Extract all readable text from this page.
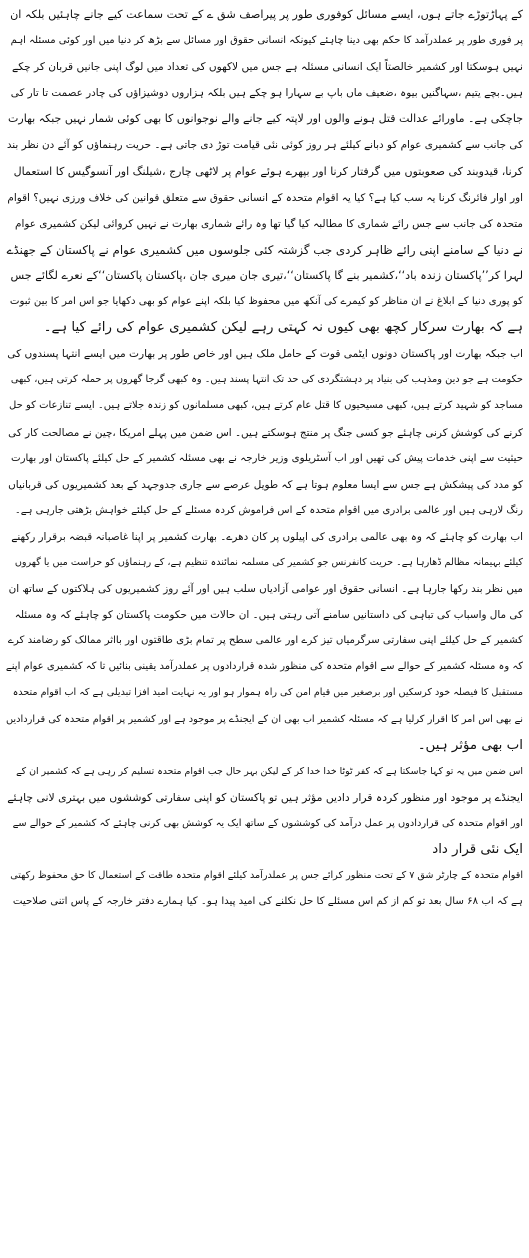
کے پہاڑتوڑے جاتے ہوں، ایسے مسائل کوفوری طور پر پیراصف شق ے کے تحت سماعت کیے جانے چاہئیں بلکہ ان
پر فوری طور پر عملدرآمد کا حکم بھی دینا چاہئے کیونکہ انسانی حقوق اور مسائل سے بڑھ کر دنیا میں اور کوئی مسئلہ اہم
نہیں ہوسکتا اور کشمیر خالصتاً ایک انسانی مسئلہ ہے جس میں لاکھوں کی تعداد میں لوگ اپنی جانیں قربان کر چکے
ہیں۔بچے یتیم ،سہاگنیں بیوہ ،ضعیف ماں باپ بے سہارا ہو چکے ہیں بلکہ ہزاروں دوشیزاؤں کی چادر عصمت تا تار کی
جاچکی ہے۔ ماورائے عدالت قتل ہونے والوں اور لاپتہ کیے جانے والے نوجوانوں کا بھی کوئی شمار نہیں جبکہ بھارت
کی جانب سے کشمیری عوام کو دبانے کیلئے ہر روز کوئی نئی قیامت توڑ دی جاتی ہے۔ حریت رہنماؤں کو آئے دن نظر بند
کرنا، قیدوبند کی صعوبتوں میں گرفتار کرنا اور بپھرے ہوئے عوام پر لاٹھی چارج ،شیلنگ اور آنسوگیس کا استعمال
اور اوار فائرنگ کرنا یہ سب کیا ہے؟ کیا یہ اقوام متحدہ کے انسانی حقوق سے متعلق قوانین کی خلاف ورزی نہیں؟ اقوام
متحدہ کی جانب سے جس رائے شماری کا مطالبہ کیا گیا تھا وہ رائے شماری بھارت نے نہیں کروائی لیکن کشمیری عوام
نے دنیا کے سامنے اپنی رائے ظاہر کردی جب گزشتہ کئی جلوسوں میں کشمیری عوام نے پاکستان کے جھنڈے
لہرا کر’’پاکستان زندہ باد‘‘،کشمیر بنے گا پاکستان‘‘،تیری جان میری جان ،پاکستان پاکستان‘‘کے نعرے لگائے جس
کو پوری دنیا کے ابلاغ نے ان مناظر کو کیمرے کی آنکھ میں محفوظ کیا بلکہ اپنے عوام کو بھی دکھایا جو اس امر کا بین ثبوت
ہے کہ بھارت سرکار کچھ بھی کیوں نہ کہتی رہے لیکن کشمیری عوام کی رائے کیا ہے۔

اب جبکہ بھارت اور پاکستان دونوں ایٹمی قوت کے حامل ملک ہیں اور خاص طور پر بھارت میں ایسے انتہا پسندوں کی
حکومت ہے جو دین ومذہب کی بنیاد پر دہشتگردی کی حد تک انتہا پسند ہیں۔ وہ کبھی گرجا گھروں پر حملہ کرتی ہیں، کبھی
مساجد کو شہید کرتے ہیں، کبھی مسیحیوں کا قتل عام کرتے ہیں، کبھی مسلمانوں کو زندہ جلاتے ہیں۔ ایسے تنازعات کو حل
کرنے کی کوشش کرنی چاہئے جو کسی جنگ پر منتج ہوسکتے ہیں۔ اس ضمن میں پہلے امریکا ،چین نے مصالحت کار کی
حیثیت سے اپنی خدمات پیش کی تھیں اور اب آسٹریلوی وزیر خارجہ نے بھی مسئلہ کشمیر کے حل کیلئے پاکستان اور بھارت
کو مدد کی پیشکش ہے جس سے ایسا معلوم ہوتا ہے کہ طویل عرصے سے جاری جدوجہد کے بعد کشمیریوں کی قربانیاں
رنگ لارہی ہیں اور عالمی برادری میں اقوام متحدہ کے اس فراموش کردہ مسئلے کے حل کیلئے خواہش بڑھتی جارہی ہے۔

اب بھارت کو چاہئے کہ وہ بھی عالمی برادری کی اپیلوں پر کان دھرے۔ بھارت کشمیر پر اپنا غاصبانہ قبضہ برقرار رکھنے
کیلئے بہیمانہ مظالم ڈھارہا ہے۔ حریت کانفرنس جو کشمیر کی مسلمہ نمائندہ تنظیم ہے، کے رہنماؤں کو حراست میں یا گھروں
میں نظر بند رکھا جارہا ہے۔ انسانی حقوق اور عوامی آزادیاں سلب ہیں اور آئے روز کشمیریوں کی ہلاکتوں کے ساتھ ان
کی مال واسباب کی تباہی کی داستانیں سامنے آتی رہتی ہیں۔ ان حالات میں حکومت پاکستان کو چاہئے کہ وہ مسئلہ
کشمیر کے حل کیلئے اپنی سفارتی سرگرمیاں تیز کرے اور عالمی سطح پر تمام بڑی طاقتوں اور بااثر ممالک کو رضامند کرے
کہ وہ مسئلہ کشمیر کے حوالے سے اقوام متحدہ کی منظور شدہ قراردادوں پر عملدرآمد یقینی بنائیں تا کہ کشمیری عوام اپنے
مستقبل کا فیصلہ خود کرسکیں اور برصغیر میں قیام امن کی راہ ہموار ہو اور یہ نہایت امید افزا تبدیلی ہے کہ اب اقوام متحدہ
نے بھی اس امر کا اقرار کرلیا ہے کہ مسئلہ کشمیر اب بھی ان کے ایجنڈے پر موجود ہے اور کشمیر پر اقوام متحدہ کی قراردادیں
اب بھی مؤثر ہیں۔

اس ضمن میں یہ تو کہا جاسکتا ہے کہ کفر ٹوٹا خدا خدا کر کے لیکن بہر حال جب اقوام متحدہ تسلیم کر رہی ہے کہ کشمیر ان کے
ایجنڈے پر موجود اور منظور کردہ قرار دادیں مؤثر ہیں تو پاکستان کو اپنی سفارتی کوششوں میں بہتری لانی چاہئے
اور اقوام متحدہ کی قراردادوں پر عمل درآمد کی کوششوں کے ساتھ ایک یہ کوشش بھی کرنی چاہئے کہ کشمیر کے حوالے سے
ایک نئی قرار داد

اقوام متحدہ کے چارٹر شق ۷ کے تحت منظور کرائے جس پر عملدرآمد کیلئے اقوام متحدہ طاقت کے استعمال کا حق محفوظ رکھتی
ہے کہ اب ۶۸ سال بعد تو کم از کم اس مسئلے کا حل نکلنے کی امید پیدا ہو۔ کیا ہمارے دفتر خارجہ کے پاس اتنی صلاحیت
